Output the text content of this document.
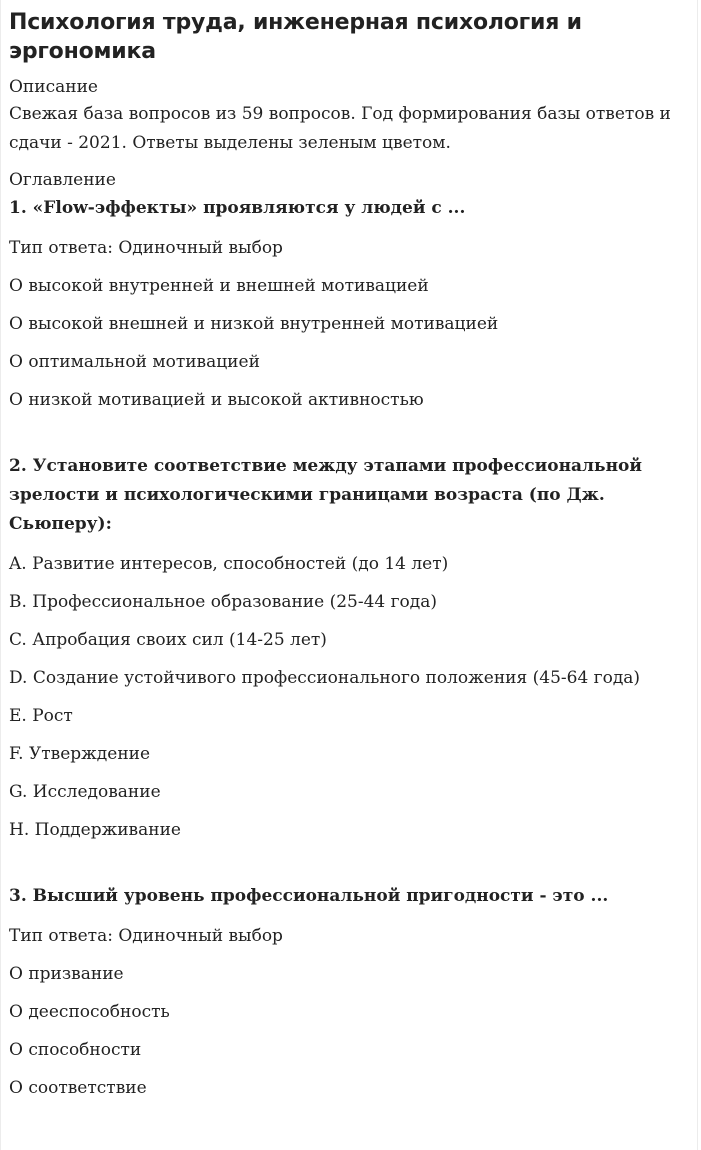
Психология труда, инженерная психология и эргономика
Описание
Свежая база вопросов из 59 вопросов. Год формирования базы ответов и сдачи - 2021. Ответы выделены зеленым цветом.
Оглавление
1. «Flow-эффекты» проявляются у людей с ...
Тип ответа: Одиночный выбор
O высокой внутренней и внешней мотивацией
O высокой внешней и низкой внутренней мотивацией
O оптимальной мотивацией
O низкой мотивацией и высокой активностью
2. Установите соответствие между этапами профессиональной зрелости и психологическими границами возраста (по Дж. Сьюперу):
A. Развитие интересов, способностей (до 14 лет)
B. Профессиональное образование (25-44 года)
C. Апробация своих сил (14-25 лет)
D. Создание устойчивого профессионального положения (45-64 года)
E. Рост
F. Утверждение
G. Исследование
H. Поддерживание
3. Высший уровень профессиональной пригодности - это ...
Тип ответа: Одиночный выбор
O призвание
O дееспособность
O способности
O соответствие
